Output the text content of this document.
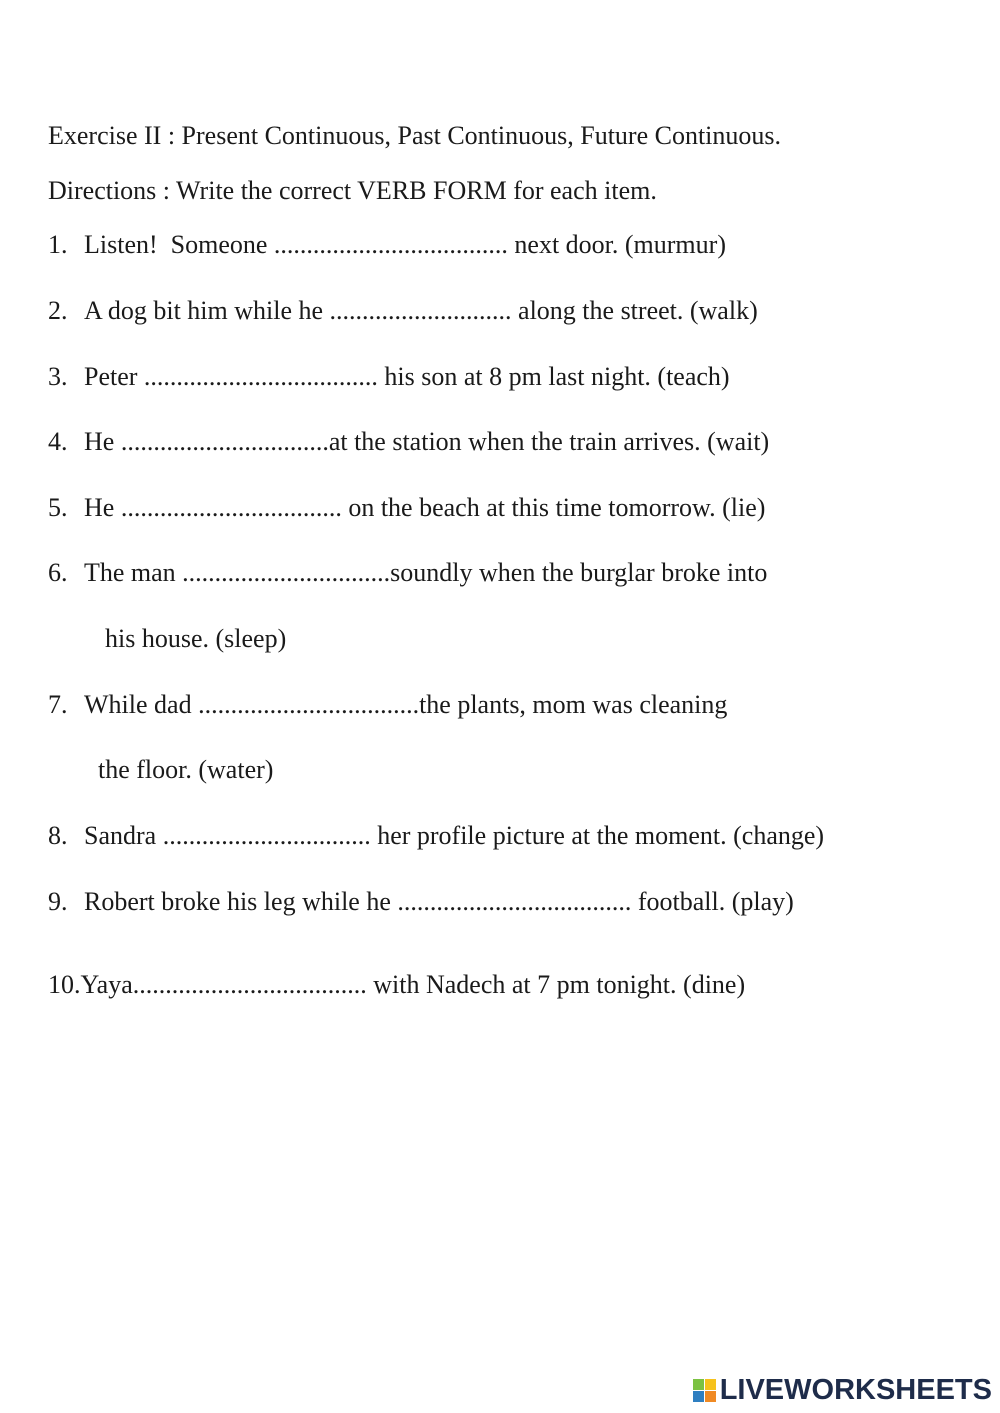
Exercise II : Present Continuous, Past Continuous, Future Continuous.
Directions : Write the correct VERB FORM for each item.
1. Listen!  Someone .................................... next door. (murmur)
2. A dog bit him while he ............................ along the street. (walk)
3. Peter .................................... his son at 8 pm last night. (teach)
4. He ................................at the station when the train arrives. (wait)
5. He .................................. on the beach at this time tomorrow. (lie)
6. The man ................................soundly when the burglar broke into
his house. (sleep)
7. While dad ..................................the plants, mom was cleaning
the floor. (water)
8. Sandra ................................ her profile picture at the moment. (change)
9. Robert broke his leg while he .................................... football. (play)
10.Yaya.................................... with Nadech at 7 pm tonight. (dine)
LIVEWORKSHEETS
